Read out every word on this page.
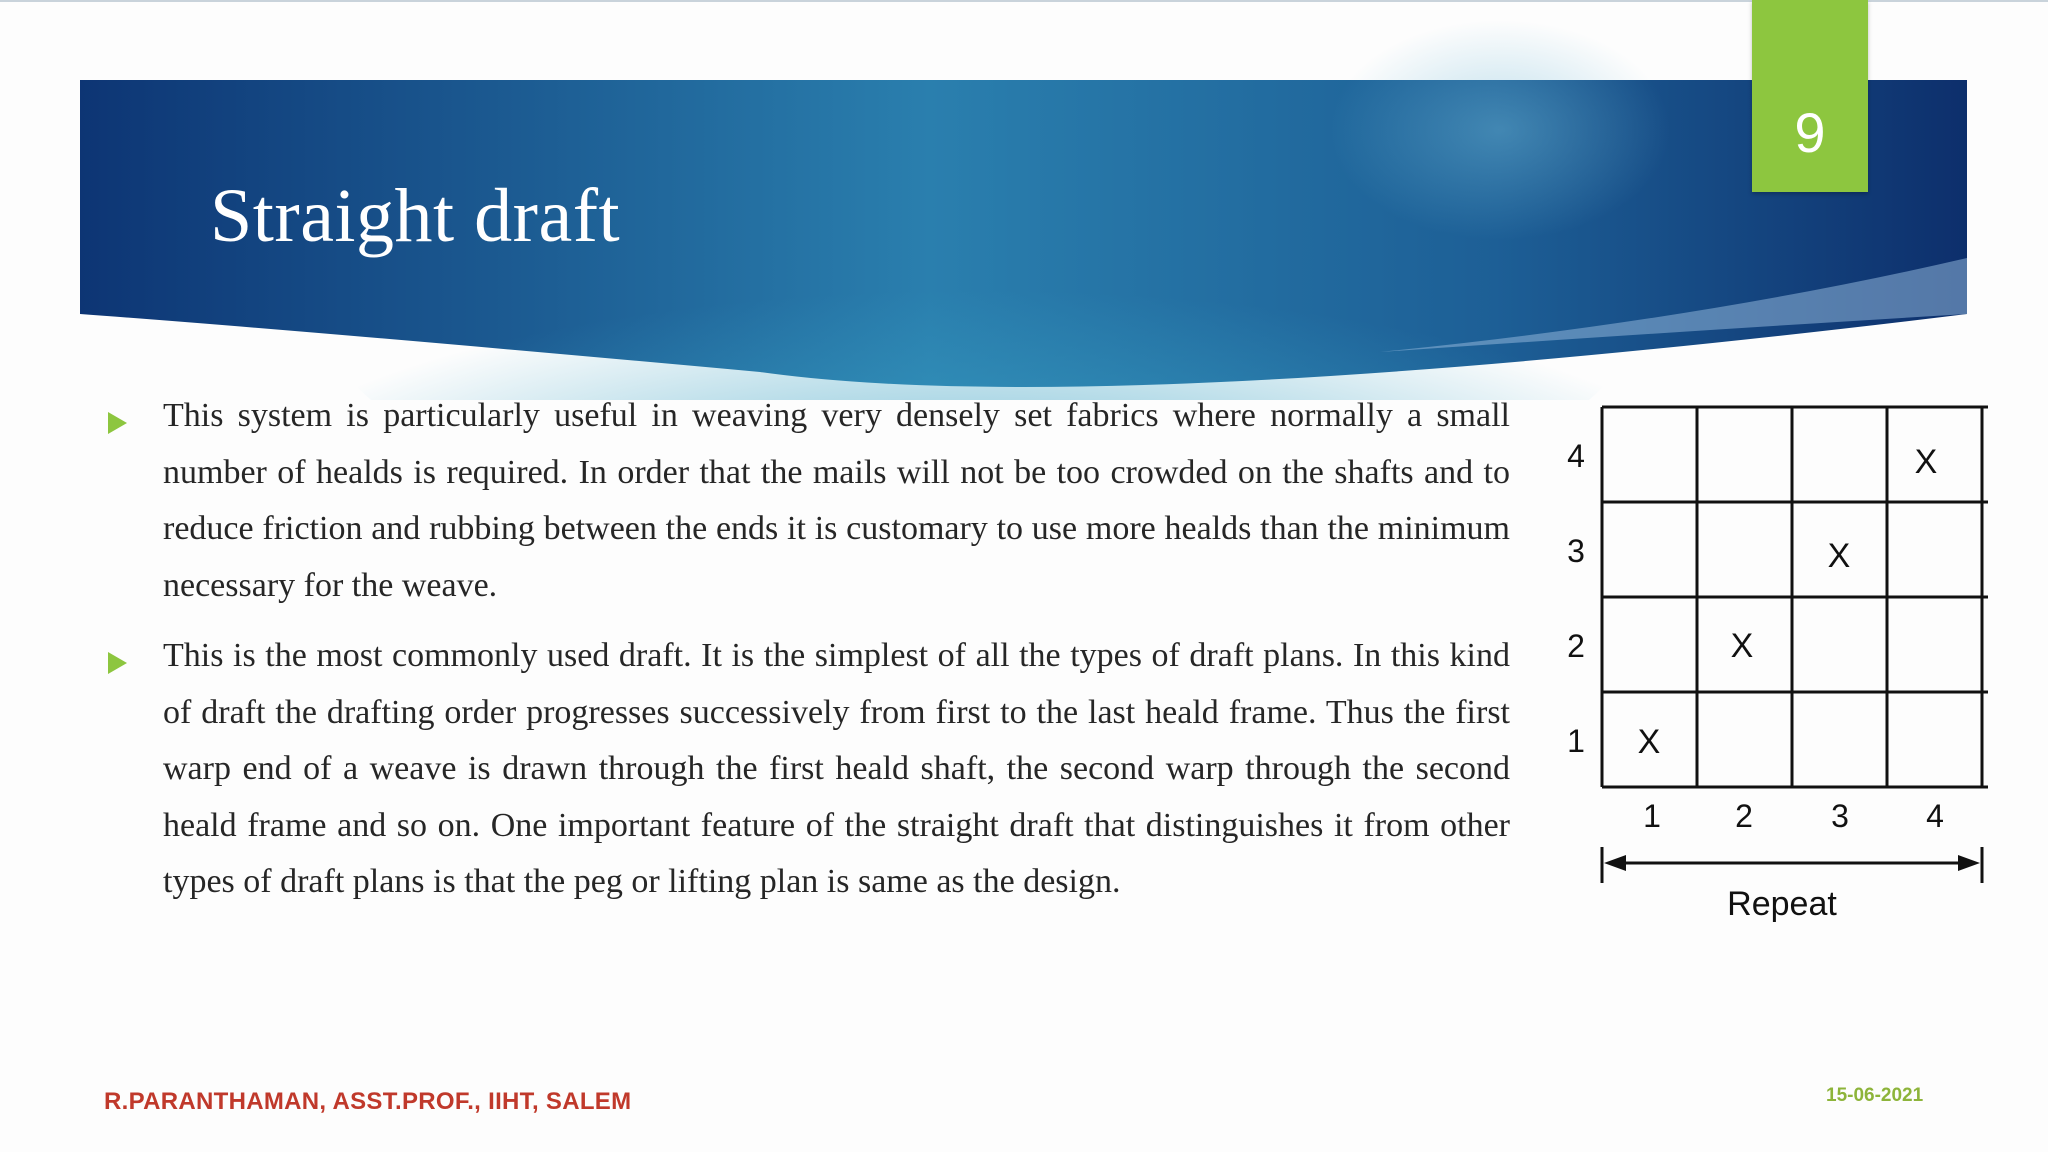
Straight draft
9

This system is particularly useful in weaving very densely set fabrics where normally a small number of healds is required. In order that the mails will not be too crowded on the shafts and to reduce friction and rubbing between the ends it is customary to use more healds than the minimum necessary for the weave.

This is the most commonly used draft. It is the simplest of all the types of draft plans. In this kind of draft the drafting order progresses successively from first to the last heald frame. Thus the first warp end of a weave is drawn through the first heald shaft, the second warp through the second heald frame and so on. One important feature of the straight draft that distinguishes it from other types of draft plans is that the peg or lifting plan is same as the design.

4
3
2
1
X
X
X
X
1 2 3 4
Repeat
R.PARANTHAMAN, ASST.PROF., IIHT, SALEM	15-06-2021
